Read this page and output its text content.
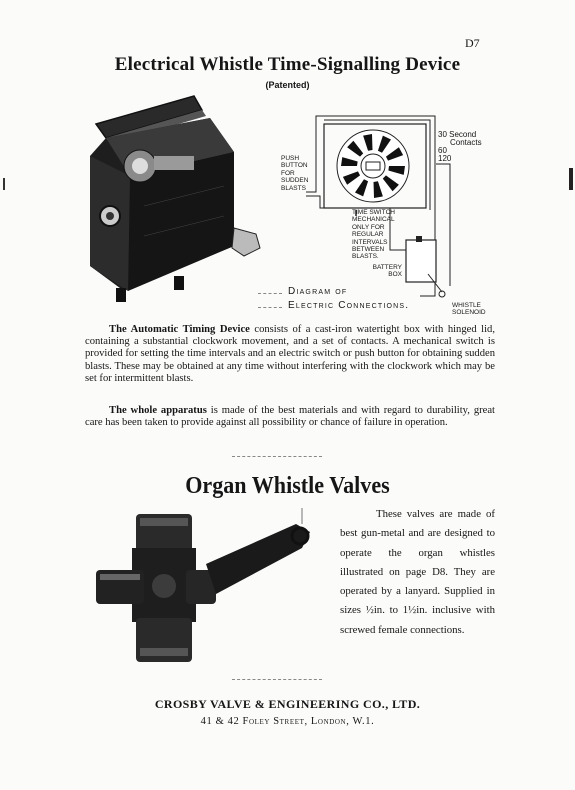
D7
Electrical Whistle Time-Signalling Device
(Patented)
30 Second
Contacts
60
120
PUSH
BUTTON
FOR
SUDDEN
BLASTS
TIME SWITCH
MECHANICAL
ONLY FOR
REGULAR
INTERVALS
BETWEEN
BLASTS.
BATTERY
BOX
WHISTLE
SOLENOID
Diagram of
Electric Connections.

The Automatic Timing Device consists of a cast-iron watertight box with hinged lid, containing a substantial clockwork movement, and a set of contacts. A mechanical switch is provided for setting the time intervals and an electric switch or push button for obtaining sudden blasts. These may be obtained at any time without interfering with the clockwork which may be set for intermittent blasts.

The whole apparatus is made of the best materials and with regard to durability, great care has been taken to provide against all possibility or chance of failure in operation.

Organ Whistle Valves

These valves are made of best gun-metal and are designed to operate the organ whistles illustrated on page D8. They are operated by a lanyard. Supplied in sizes ½in. to 1½in. inclusive with screwed female connections.

CROSBY VALVE & ENGINEERING CO., LTD.
41 & 42 Foley Street, London, W.1.
